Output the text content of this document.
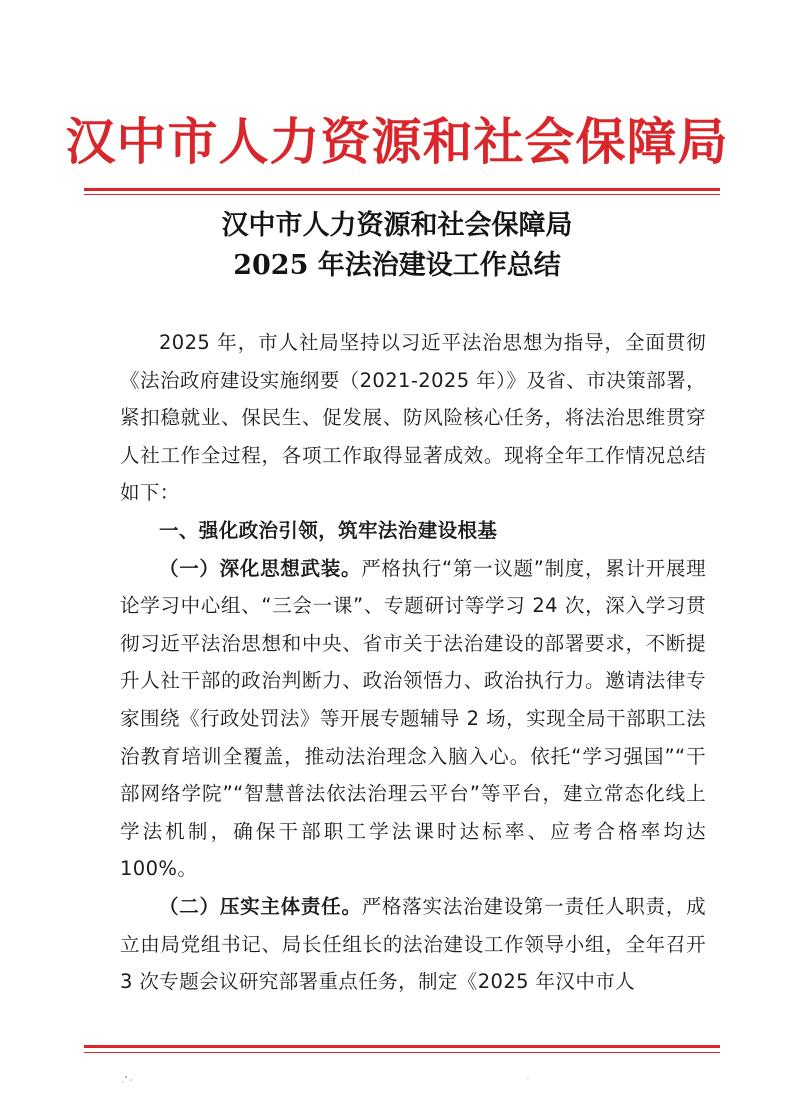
汉中市人力资源和社会保障局
汉中市人力资源和社会保障局
2025 年法治建设工作总结

2025 年，市人社局坚持以习近平法治思想为指导，全面贯彻《法治政府建设实施纲要（2021-2025 年）》及省、市决策部署，紧扣稳就业、保民生、促发展、防风险核心任务，将法治思维贯穿人社工作全过程，各项工作取得显著成效。现将全年工作情况总结如下：

一、强化政治引领，筑牢法治建设根基

（一）深化思想武装。严格执行“第一议题”制度，累计开展理论学习中心组、“三会一课”、专题研讨等学习 24 次，深入学习贯彻习近平法治思想和中央、省市关于法治建设的部署要求，不断提升人社干部的政治判断力、政治领悟力、政治执行力。邀请法律专家围绕《行政处罚法》等开展专题辅导 2 场，实现全局干部职工法治教育培训全覆盖，推动法治理念入脑入心。依托“学习强国”“干部网络学院”“智慧普法依法治理云平台”等平台，建立常态化线上学法机制，确保干部职工学法课时达标率、应考合格率均达 100%。

（二）压实主体责任。严格落实法治建设第一责任人职责，成立由局党组书记、局长任组长的法治建设工作领导小组，全年召开 3 次专题会议研究部署重点任务，制定《2025 年汉中市人
